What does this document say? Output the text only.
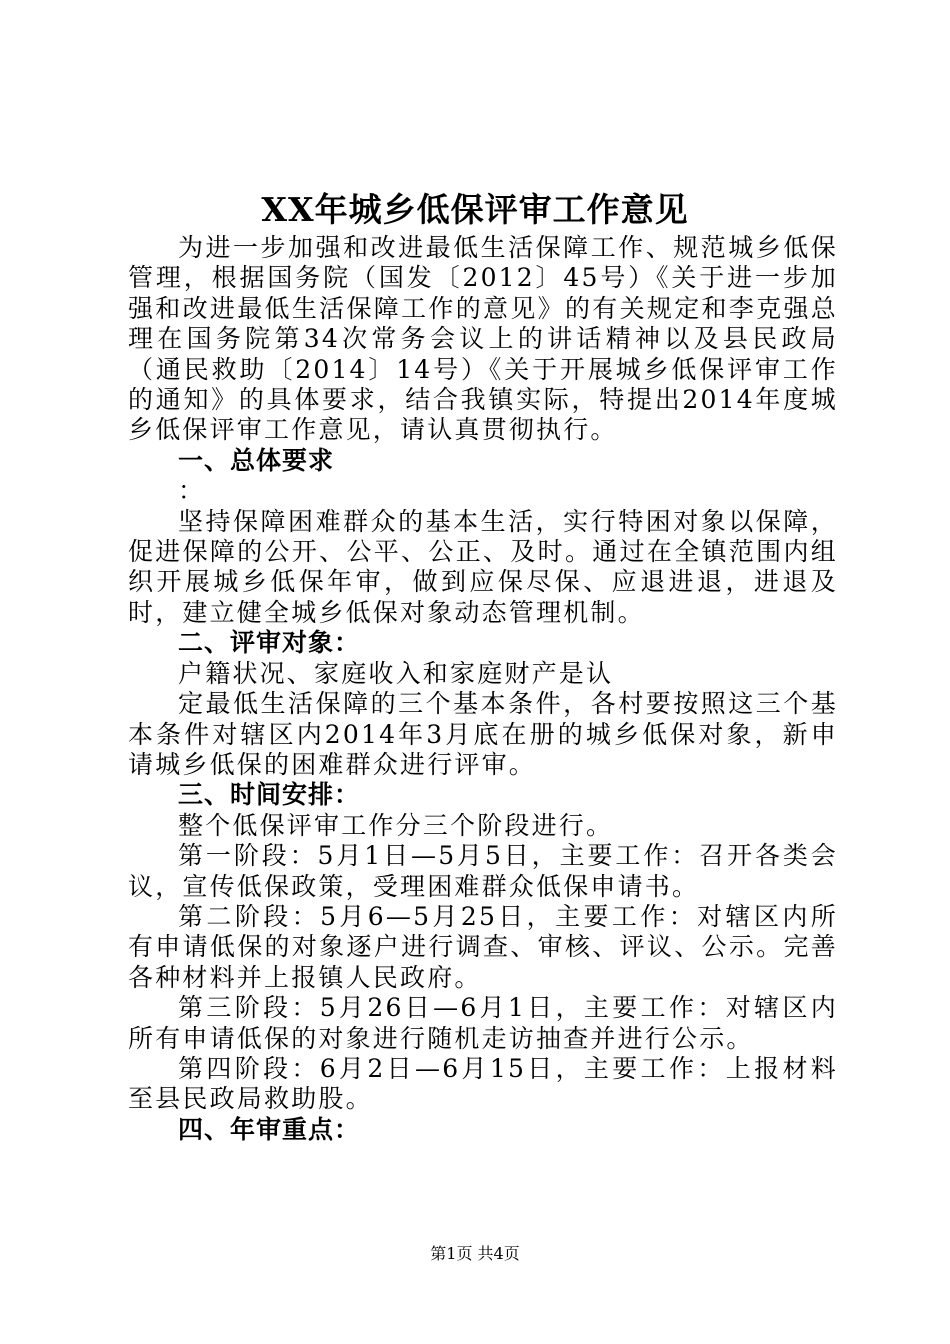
XX年城乡低保评审工作意见

为进一步加强和改进最低生活保障工作、规范城乡低保管理，根据国务院（国发〔2012〕45号）《关于进一步加强和改进最低生活保障工作的意见》的有关规定和李克强总理在国务院第34次常务会议上的讲话精神以及县民政局（通民救助〔2014〕14号）《关于开展城乡低保评审工作的通知》的具体要求，结合我镇实际，特提出2014年度城乡低保评审工作意见，请认真贯彻执行。

一、总体要求

：

坚持保障困难群众的基本生活，实行特困对象以保障，促进保障的公开、公平、公正、及时。通过在全镇范围内组织开展城乡低保年审，做到应保尽保、应退进退，进退及时，建立健全城乡低保对象动态管理机制。

二、评审对象：

户籍状况、家庭收入和家庭财产是认

定最低生活保障的三个基本条件，各村要按照这三个基本条件对辖区内2014年3月底在册的城乡低保对象，新申请城乡低保的困难群众进行评审。

三、时间安排：

整个低保评审工作分三个阶段进行。

第一阶段：5月1日—5月5日，主要工作：召开各类会议，宣传低保政策，受理困难群众低保申请书。

第二阶段：5月6—5月25日，主要工作：对辖区内所有申请低保的对象逐户进行调查、审核、评议、公示。完善各种材料并上报镇人民政府。

第三阶段：5月26日—6月1日，主要工作：对辖区内所有申请低保的对象进行随机走访抽查并进行公示。

第四阶段：6月2日—6月15日，主要工作：上报材料至县民政局救助股。

四、年审重点：

第1页 共4页
